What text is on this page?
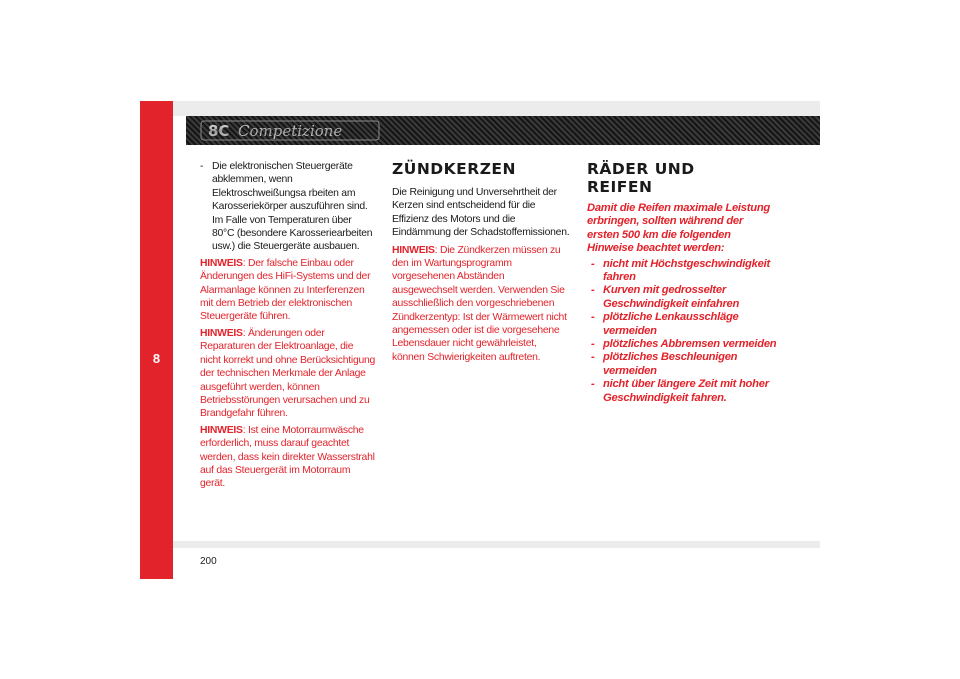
8
8C Competizione
- Die elektronischen Steuergeräte abklemmen, wenn Elektroschweißungsa rbeiten am Karosseriekörper auszuführen sind. Im Falle von Temperaturen über 80°C (besondere Karosseriearbeiten usw.) die Steuergeräte ausbauen.
HINWEIS: Der falsche Einbau oder Änderungen des HiFi-Systems und der Alarmanlage können zu Interferenzen mit dem Betrieb der elektronischen Steuergeräte führen.
HINWEIS: Änderungen oder Reparaturen der Elektroanlage, die nicht korrekt und ohne Berücksichtigung der technischen Merkmale der Anlage ausgeführt werden, können Betriebsstörungen verursachen und zu Brandgefahr führen.
HINWEIS: Ist eine Motorraumwäsche erforderlich, muss darauf geachtet werden, dass kein direkter Wasserstrahl auf das Steuergerät im Motorraum gerät.
ZÜNDKERZEN
Die Reinigung und Unversehrtheit der Kerzen sind entscheidend für die Effizienz des Motors und die Eindämmung der Schadstoffemissionen.
HINWEIS: Die Zündkerzen müssen zu den im Wartungsprogramm vorgesehenen Abständen ausgewechselt werden. Verwenden Sie ausschließlich den vorgeschriebenen Zündkerzentyp: Ist der Wärmewert nicht angemessen oder ist die vorgesehene Lebensdauer nicht gewährleistet, können Schwierigkeiten auftreten.
RÄDER UND
REIFEN
Damit die Reifen maximale Leistung erbringen, sollten während der ersten 500 km die folgenden Hinweise beachtet werden:
- nicht mit Höchstgeschwindigkeit fahren
- Kurven mit gedrosselter Geschwindigkeit einfahren
- plötzliche Lenkausschläge vermeiden
- plötzliches Abbremsen vermeiden
- plötzliches Beschleunigen vermeiden
- nicht über längere Zeit mit hoher Geschwindigkeit fahren.
200
